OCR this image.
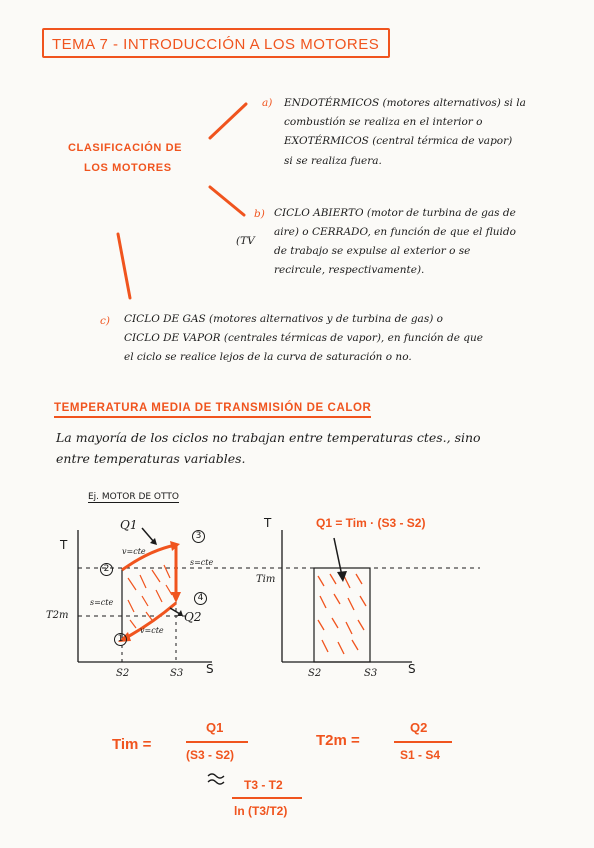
TEMA 7 - INTRODUCCIÓN A LOS MOTORES
CLASIFICACIÓN DE
LOS MOTORES
a) ENDOTÉRMICOS (motores alternativos) si la
combustión se realiza en el interior o
EXOTÉRMICOS (central térmica de vapor)
si se realiza fuera.
b)
(TV
CICLO ABIERTO (motor de turbina de gas de
aire) o CERRADO, en función de que el fluido
de trabajo se expulse al exterior o se
recircule, respectivamente).
c) CICLO DE GAS (motores alternativos y de turbina de gas) o
CICLO DE VAPOR (centrales térmicas de vapor), en función de que
el ciclo se realice lejos de la curva de saturación o no.
TEMPERATURA MEDIA DE TRANSMISIÓN DE CALOR
La mayoría de los ciclos no trabajan entre temperaturas ctes., sino
entre temperaturas variables.
Ej. MOTOR DE OTTO
T
S
Q1
Q2
T2m
S2	S3
v=cte
v=cte
s=cte
s=cte
1
2
3
4
T
S
Q1 = Tim · (S3 - S2)
Tim
S2	S3
Tim =
Q1
(S3 - S2)
T2m =
Q2
S1 - S4
T3 - T2
ln (T3/T2)
